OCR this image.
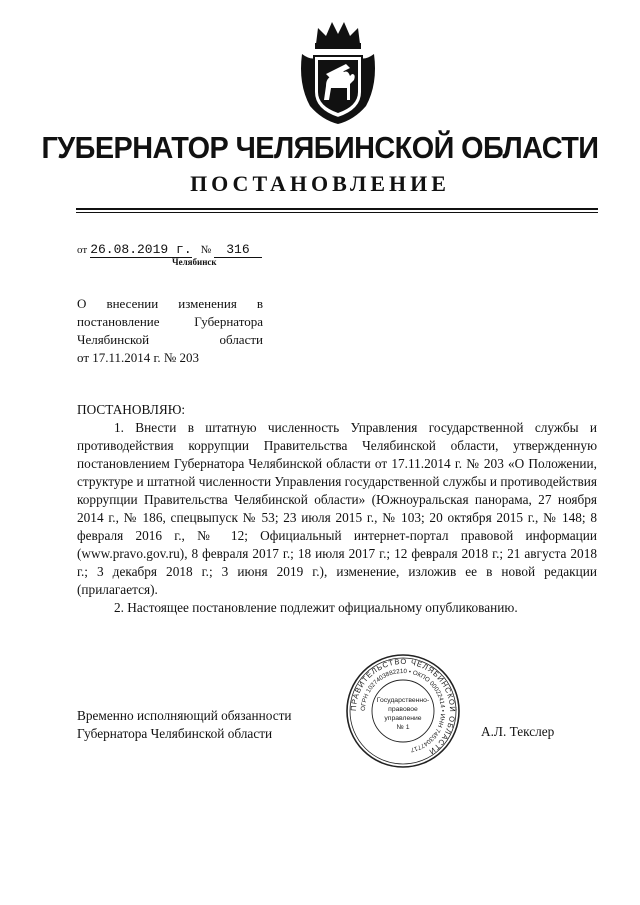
ГУБЕРНАТОР ЧЕЛЯБИНСКОЙ ОБЛАСТИ
ПОСТАНОВЛЕНИЕ
от 26.08.2019 г. № 316
Челябинск
О внесении изменения в
постановление Губернатора
Челябинской области
от 17.11.2014 г. № 203

ПОСТАНОВЛЯЮ:

1. Внести в штатную численность Управления государственной службы и противодействия коррупции Правительства Челябинской области, утвержденную постановлением Губернатора Челябинской области от 17.11.2014 г. № 203 «О Положении, структуре и штатной численности Управления государственной службы и противодействия коррупции Правительства Челябинской области» (Южноуральская панорама, 27 ноября 2014 г., № 186, спецвыпуск № 53; 23 июля 2015 г., № 103; 20 октября 2015 г., № 148; 8 февраля 2016 г., № 12; Официальный интернет-портал правовой информации (www.pravo.gov.ru), 8 февраля 2017 г.; 18 июля 2017 г.; 12 февраля 2018 г.; 21 августа 2018 г.; 3 декабря 2018 г.; 3 июня 2019 г.), изменение, изложив ее в новой редакции (прилагается).

2. Настоящее постановление подлежит официальному опубликованию.

Временно исполняющий обязанности
Губернатора Челябинской области	А.Л. Текслер
ПРАВИТЕЛЬСТВО ЧЕЛЯБИНСКОЙ ОБЛАСТИ
ОГРН 1027403882210 • ОКПО 00022414 • ИНН 7453047717
Государственно-
правовое
управление
№ 1
